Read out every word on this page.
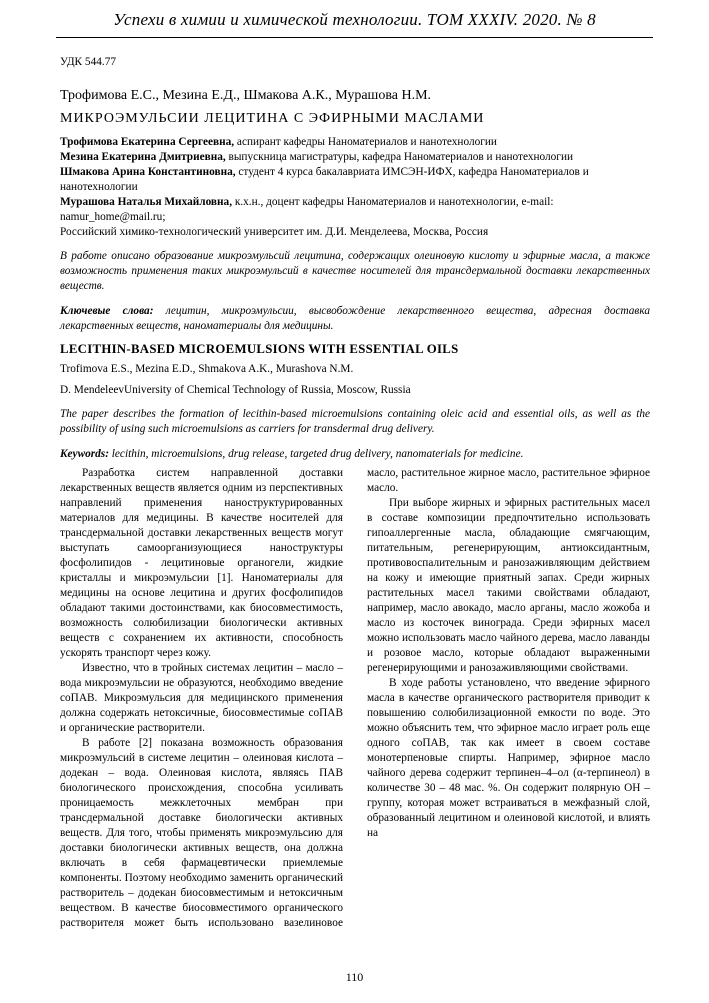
Успехи в химии и химической технологии. ТОМ XXXIV. 2020. № 8

УДК 544.77

Трофимова Е.С., Мезина Е.Д., Шмакова А.К., Мурашова Н.М.

МИКРОЭМУЛЬСИИ ЛЕЦИТИНА С ЭФИРНЫМИ МАСЛАМИ

Трофимова Екатерина Сергеевна, аспирант кафедры Наноматериалов и нанотехнологии

Мезина Екатерина Дмитриевна, выпускница магистратуры, кафедра Наноматериалов и нанотехнологии

Шмакова Арина Константиновна, студент 4 курса бакалавриата ИМСЭН-ИФХ, кафедра Наноматериалов и нанотехнологии

Мурашова Наталья Михайловна, к.х.н., доцент кафедры Наноматериалов и нанотехнологии, e-mail: namur_home@mail.ru;

Российский химико-технологический университет им. Д.И. Менделеева, Москва, Россия

В работе описано образование микроэмульсий лецитина, содержащих олеиновую кислоту и эфирные масла, а также возможность применения таких микроэмульсий в качестве носителей для трансдермальной доставки лекарственных веществ.

Ключевые слова: лецитин, микроэмульсии, высвобождение лекарственного вещества, адресная доставка лекарственных веществ, наноматериалы для медицины.

LECITHIN-BASED MICROEMULSIONS WITH ESSENTIAL OILS

Trofimova E.S., Mezina E.D., Shmakova A.K., Murashova N.M.

D. MendeleevUniversity of Chemical Technology of Russia, Moscow, Russia

The paper describes the formation of lecithin-based microemulsions containing oleic acid and essential oils, as well as the possibility of using such microemulsions as carriers for transdermal drug delivery.

Keywords: lecithin, microemulsions, drug release, targeted drug delivery, nanomaterials for medicine.

Разработка систем направленной доставки лекарственных веществ является одним из перспективных направлений применения наноструктурированных материалов для медицины. В качестве носителей для трансдермальной доставки лекарственных веществ могут выступать самоорганизующиеся наноструктуры фосфолипидов - лецитиновые органогели, жидкие кристаллы и микроэмульсии [1]. Наноматериалы для медицины на основе лецитина и других фосфолипидов обладают такими достоинствами, как биосовместимость, возможность солюбилизации биологически активных веществ с сохранением их активности, способность ускорять транспорт через кожу.

Известно, что в тройных системах лецитин – масло – вода микроэмульсии не образуются, необходимо введение соПАВ. Микроэмульсия для медицинского применения должна содержать нетоксичные, биосовместимые соПАВ и органические растворители.

В работе [2] показана возможность образования микроэмульсий в системе лецитин – олеиновая кислота – додекан – вода. Олеиновая кислота, являясь ПАВ биологического происхождения, способна усиливать проницаемость межклеточных мембран при трансдермальной доставке биологически активных веществ. Для того, чтобы применять микроэмульсию для доставки биологически активных веществ, она должна включать в себя фармацевтически приемлемые компоненты. Поэтому необходимо заменить органический растворитель – додекан биосовместимым и нетоксичным веществом. В качестве биосовместимого органического растворителя может быть использовано вазелиновое масло, растительное жирное масло, растительное эфирное масло.

При выборе жирных и эфирных растительных масел в составе композиции предпочтительно использовать гипоаллергенные масла, обладающие смягчающим, питательным, регенерирующим, антиоксидантным, противовоспалительным и ранозаживляющим действием на кожу и имеющие приятный запах. Среди жирных растительных масел такими свойствами обладают, например, масло авокадо, масло арганы, масло жожоба и масло из косточек винограда. Среди эфирных масел можно использовать масло чайного дерева, масло лаванды и розовое масло, которые обладают выраженными регенерирующими и ранозаживляющими свойствами.

В ходе работы установлено, что введение эфирного масла в качестве органического растворителя приводит к повышению солюбилизационной емкости по воде. Это можно объяснить тем, что эфирное масло играет роль еще одного соПАВ, так как имеет в своем составе монотерпеновые спирты. Например, эфирное масло чайного дерева содержит терпинен–4–ол (α-терпинеол) в количестве 30 – 48 мас. %. Он содержит полярную ОН – группу, которая может встраиваться в межфазный слой, образованный лецитином и олеиновой кислотой, и влиять на

110
